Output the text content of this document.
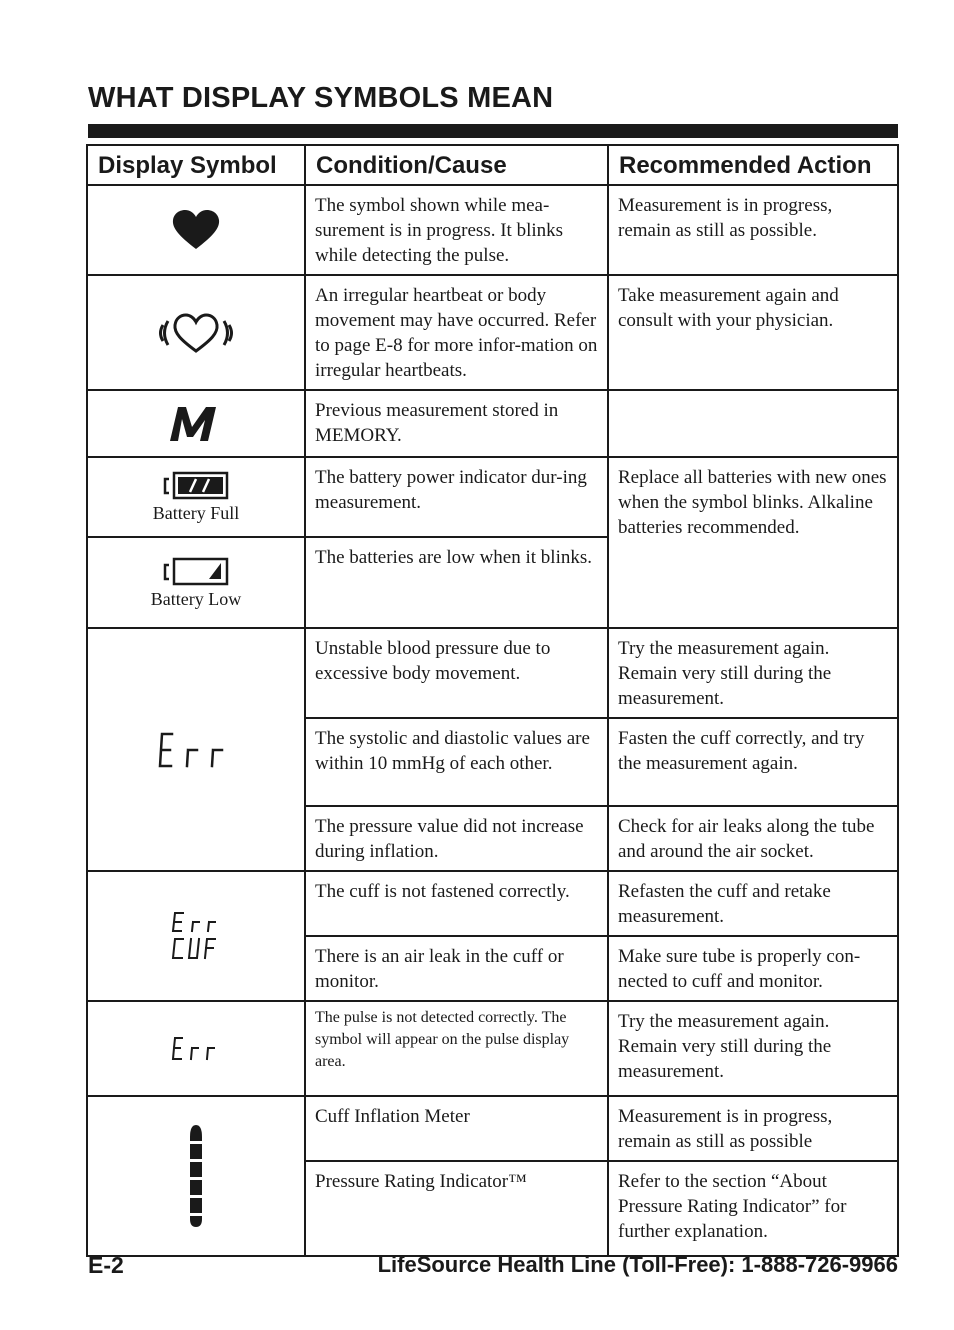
WHAT DISPLAY SYMBOLS MEAN
Display Symbol	Condition/Cause	Recommended Action
	The symbol shown while mea-surement is in progress. It blinks while detecting the pulse.	Measurement is in progress, remain as still as possible.
	An irregular heartbeat or body movement may have occurred. Refer to page E-8 for more infor-mation on irregular heartbeats.	Take measurement again and consult with your physician.
	Previous measurement stored in MEMORY.	

Battery Full	The battery power indicator dur-ing measurement.	Replace all batteries with new ones when the symbol blinks. Alkaline batteries recommended.

Battery Low	The batteries are low when it blinks.	
	Unstable blood pressure due to excessive body movement.	Try the measurement again. Remain very still during the measurement.
	The systolic and diastolic values are within 10 mmHg of each other.	Fasten the cuff correctly, and try the measurement again.
	The pressure value did not increase during inflation.	Check for air leaks along the tube and around the air socket.
	The cuff is not fastened correctly.	Refasten the cuff and retake measurement.
	There is an air leak in the cuff or monitor.	Make sure tube is properly con-nected to cuff and monitor.
	The pulse is not detected correctly. The symbol will appear on the pulse display area.	Try the measurement again. Remain very still during the measurement.
	Cuff Inflation Meter	Measurement is in progress, remain as still as possible
	Pressure Rating Indicator™	Refer to the section “About Pressure Rating Indicator” for further explanation.
E-2	LifeSource Health Line (Toll-Free): 1-888-726-9966
